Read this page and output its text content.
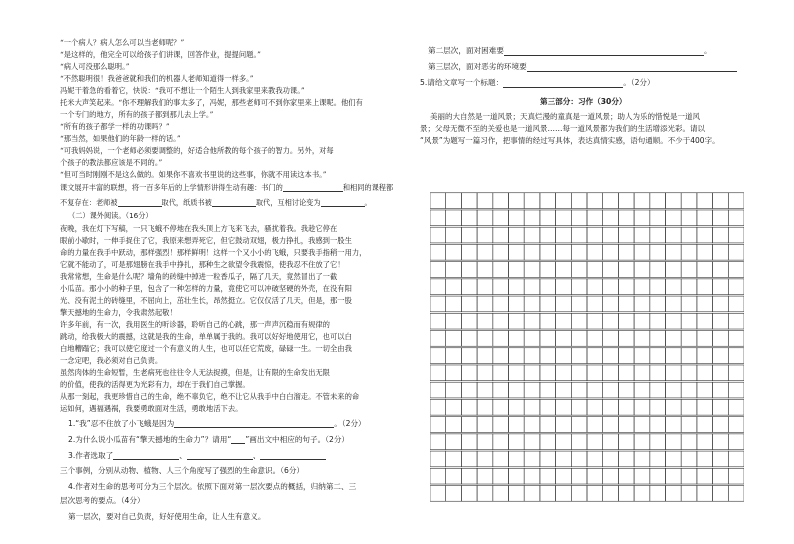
“一个病人？病人怎么可以当老师呢？”
“是这样的，他完全可以给孩子们讲课，回答作业，提提问题。”
“病人可没那么聪明。”
“不然聪明很！我爸爸就和我们的机器人老师知道得一样多。”
冯妮干着急的看着它，快说：“我可不想让一个陌生人到我家里来教我功课。”
托米大声笑起来。“你不理解我们的事太多了，冯妮，那些老师可不到你家里来上课呢。他们有
一个专门的地方，所有的孩子都到那儿去上学。”
“所有的孩子都学一样的功课吗？”
“那当然，如果他们的年龄一样的话。”
“可我妈妈说，一个老师必须要调整的，好适合他所教的每个孩子的智力。另外，对每
个孩子的教法都应该是不同的。”
“但可当时刚刚不是这么做的。如果你不喜欢书里说的这些事，你就不用读这本书。”
课文展开丰富的联想，将一百多年后的上学情形讲得生动有趣：书门的	和相同的课程都
不复存在：老师被	取代，纸质书被	取代，互相讨论变为	。
（二）课外阅读。（16分）
夜晚，我在灯下写稿，一只飞蛾不停地在我头顶上方飞来飞去，骚扰着我。我趁它停在
眼前小歇时，一伸手捉住了它，我原来想弄死它，但它鼓动双翅，极力挣扎，我感到一股生
命的力量在我手中跃动，那样强烈！那样鲜明！这样一个又小小的飞蛾，只要我手指稍一用力，
它就不能动了，可是那翅膀在我手中挣扎，那种生之欲望令我震惊，使我忍不住放了它！
我常常想，生命是什么呢？墙角的砖缝中掉进一粒香瓜子，隔了几天，竟然冒出了一截
小瓜苗。那小小的种子里，包含了一种怎样的力量，竟使它可以冲破坚硬的外壳，在没有阳
光、没有泥土的砖缝里，不屈向上，茁壮生长，昂然挺立。它仅仅活了几天，但是，那一股
擎天撼地的生命力，令我肃然起敬！
许多年前，有一次，我用医生的听诊器，聆听自己的心跳，那一声声沉稳而有规律的
跳动，给我极大的震撼，这就是我的生命，单单属于我的。我可以好好地使用它，也可以白
白地糟蹋它；我可以使它度过一个有意义的人生，也可以任它荒废，碌碌一生。一切全由我
一念定吧，我必须对自己负责。
虽然肉体的生命短暂，生老病死也往往令人无法捉摸，但是，让有限的生命发出无限
的价值，使我的活得更为光彩有力，却在于我们自己掌握。
从那一刻起，我更珍惜自己的生命，绝不辜负它，绝不让它从我手中白白溜走。不管未来的命
运如何，遇福遇祸，我要勇敢面对生活，勇敢地活下去。
1.“我”忍不住放了小飞蛾是因为	。（2分）
2.为什么说小瓜苗有“擎天撼地的生命力”？请用“ ”画出文中相应的句子。（2分）
3.作者选取了	、	、
三个事例，分别从动物、植物、人三个角度写了强烈的生命意识。（6分）
4.作者对生命的思考可分为三个层次。依照下面对第一层次要点的概括，归纳第二、三
层次思考的要点。（4分）
第一层次，要对自己负责，好好使用生命，让人生有意义。
第二层次，面对困难要	。
第三层次，面对恶劣的环境要
5.请给文章写一个标题：	。（2分）
第三部分：习作（30分）
美丽的大自然是一道风景；天真烂漫的童真是一道风景；助人为乐的惜悦是一道风
景；父母无微不至的关爱也是一道风景……每一道风景都为我们的生活增添光彩。请以
“风景”为题写一篇习作，把事情的经过写具体，表达真情实感，语句通顺。不少于400字。
